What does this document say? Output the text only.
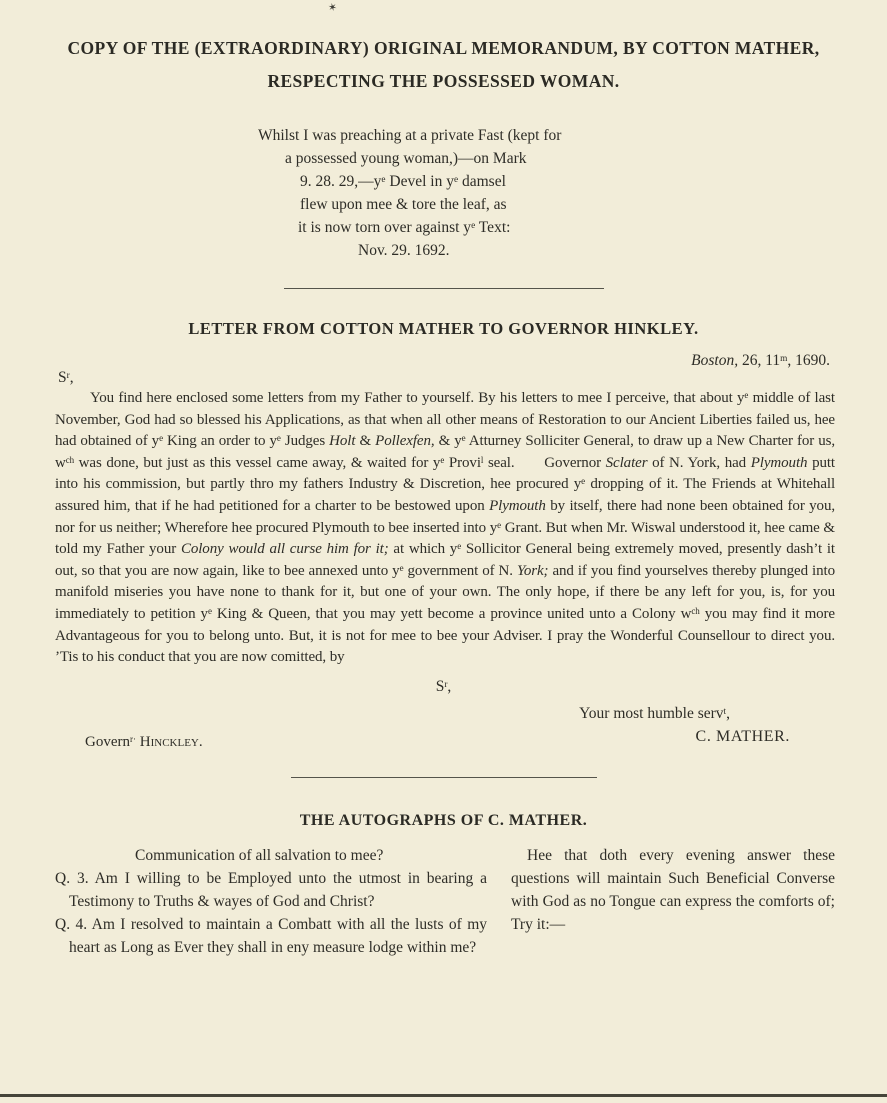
✶
COPY OF THE (EXTRAORDINARY) ORIGINAL MEMORANDUM, BY COTTON MATHER,
RESPECTING THE POSSESSED WOMAN.
Whilst I was preaching at a private Fast (kept for
a possessed young woman,)—on Mark
9. 28. $29,—y^e$ Devel in $y^e$ damsel
flew upon mee & tore the leaf, as
it is now torn over against $y^e$ Text:
Nov. 29. 1692.
LETTER FROM COTTON MATHER TO GOVERNOR HINKLEY.
Boston, 26, 11$^m$, 1690.
$S^r$,

You find here enclosed some letters from my Father to yourself. By his letters to mee I perceive, that about $y^e$ middle of last November, God had so blessed his Applications, as that when all other means of Restoration to our Ancient Liberties failed us, hee had obtained of $y^e$ King an order to $y^e$ Judges Holt & Pollexfen, & $y^e$ Atturney Solliciter General, to draw up a New Charter for us, $w^{ch}$ was done, but just as this vessel came away, & waited for $y^e$ Provi$^l$ seal.  Governor Sclater of N. York, had Plymouth putt into his commission, but partly thro my fathers Industry & Discretion, hee procured $y^e$ dropping of it. The Friends at Whitehall assured him, that if he had petitioned for a charter to be bestowed upon Plymouth by itself, there had none been obtained for you, nor for us neither; Wherefore hee procured Plymouth to bee inserted into $y^e$ Grant. But when Mr. Wiswal understood it, hee came & told my Father your Colony would all curse him for it; at which $y^e$ Sollicitor General being extremely moved, presently dash’t it out, so that you are now again, like to bee annexed unto $y^e$ government of N. York; and if you find yourselves thereby plunged into manifold miseries you have none to thank for it, but one of your own. The only hope, if there be any left for you, is, for you immediately to petition $y^e$ King & Queen, that you may yett become a province united unto a Colony $w^{ch}$ you may find it more Advantageous for you to belong unto. But, it is not for mee to bee your Adviser. I pray the Wonderful Counsellour to direct you. ’Tis to his conduct that you are now comitted, by

$S^r$,
Your most humble serv$^t$,
C. MATHER.
Govern$^{r\cdot}$ Hinckley.
THE AUTOGRAPHS OF C. MATHER.

Communication of all salvation to mee?

Q. 3. Am I willing to be Employed unto the utmost in bearing a Testimony to Truths & wayes of God and Christ?

Q. 4. Am I resolved to maintain a Combatt with all the lusts of my heart as Long as Ever they shall in eny measure lodge within me?

Hee that doth every evening answer these questions will maintain Such Beneficial Converse with God as no Tongue can express the comforts of; Try it:—
